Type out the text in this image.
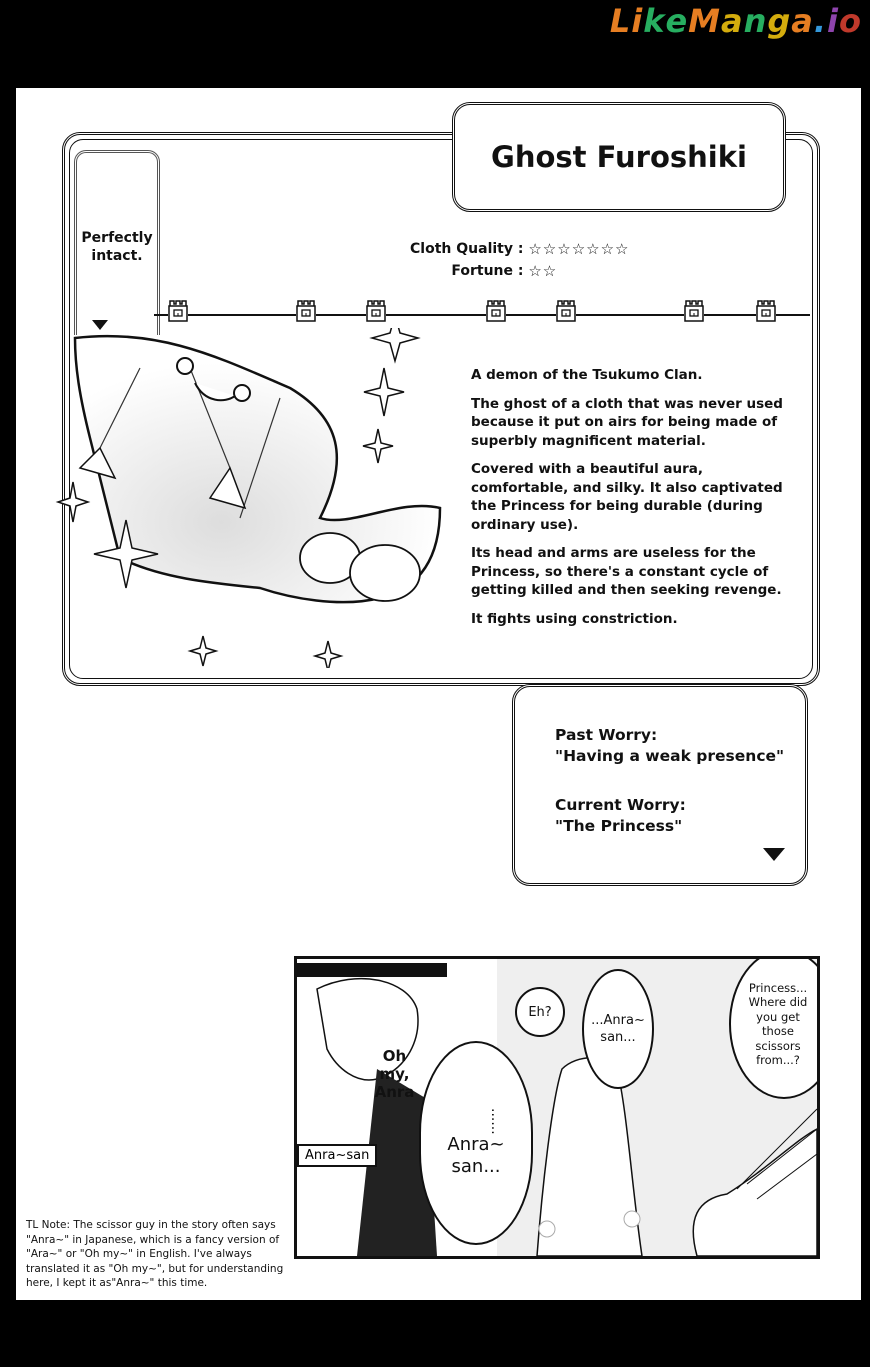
LikeManga.io
Ghost Furoshiki
Perfectly intact.	Cloth Quality : ☆☆☆☆☆☆☆
Fortune : ☆☆

A demon of the Tsukumo Clan.

The ghost of a cloth that was never used because it put on airs for being made of superbly magnificent material.

Covered with a beautiful aura, comfortable, and silky. It also captivated the Princess for being durable (during ordinary use).

Its head and arms are useless for the Princess, so there's a constant cycle of getting killed and then seeking revenge.

It fights using constriction.

Past Worry:
"Having a weak presence"
Current Worry:
"The Princess"
Oh my, Anra
......
Anra~ san...
Eh?
...Anra~ san...
Princess... Where did you get those scissors from...?
Anra~san
TL Note: The scissor guy in the story often says "Anra~" in Japanese, which is a fancy version of "Ara~" or "Oh my~" in English. I've always translated it as "Oh my~", but for understanding here, I kept it as"Anra~" this time.
